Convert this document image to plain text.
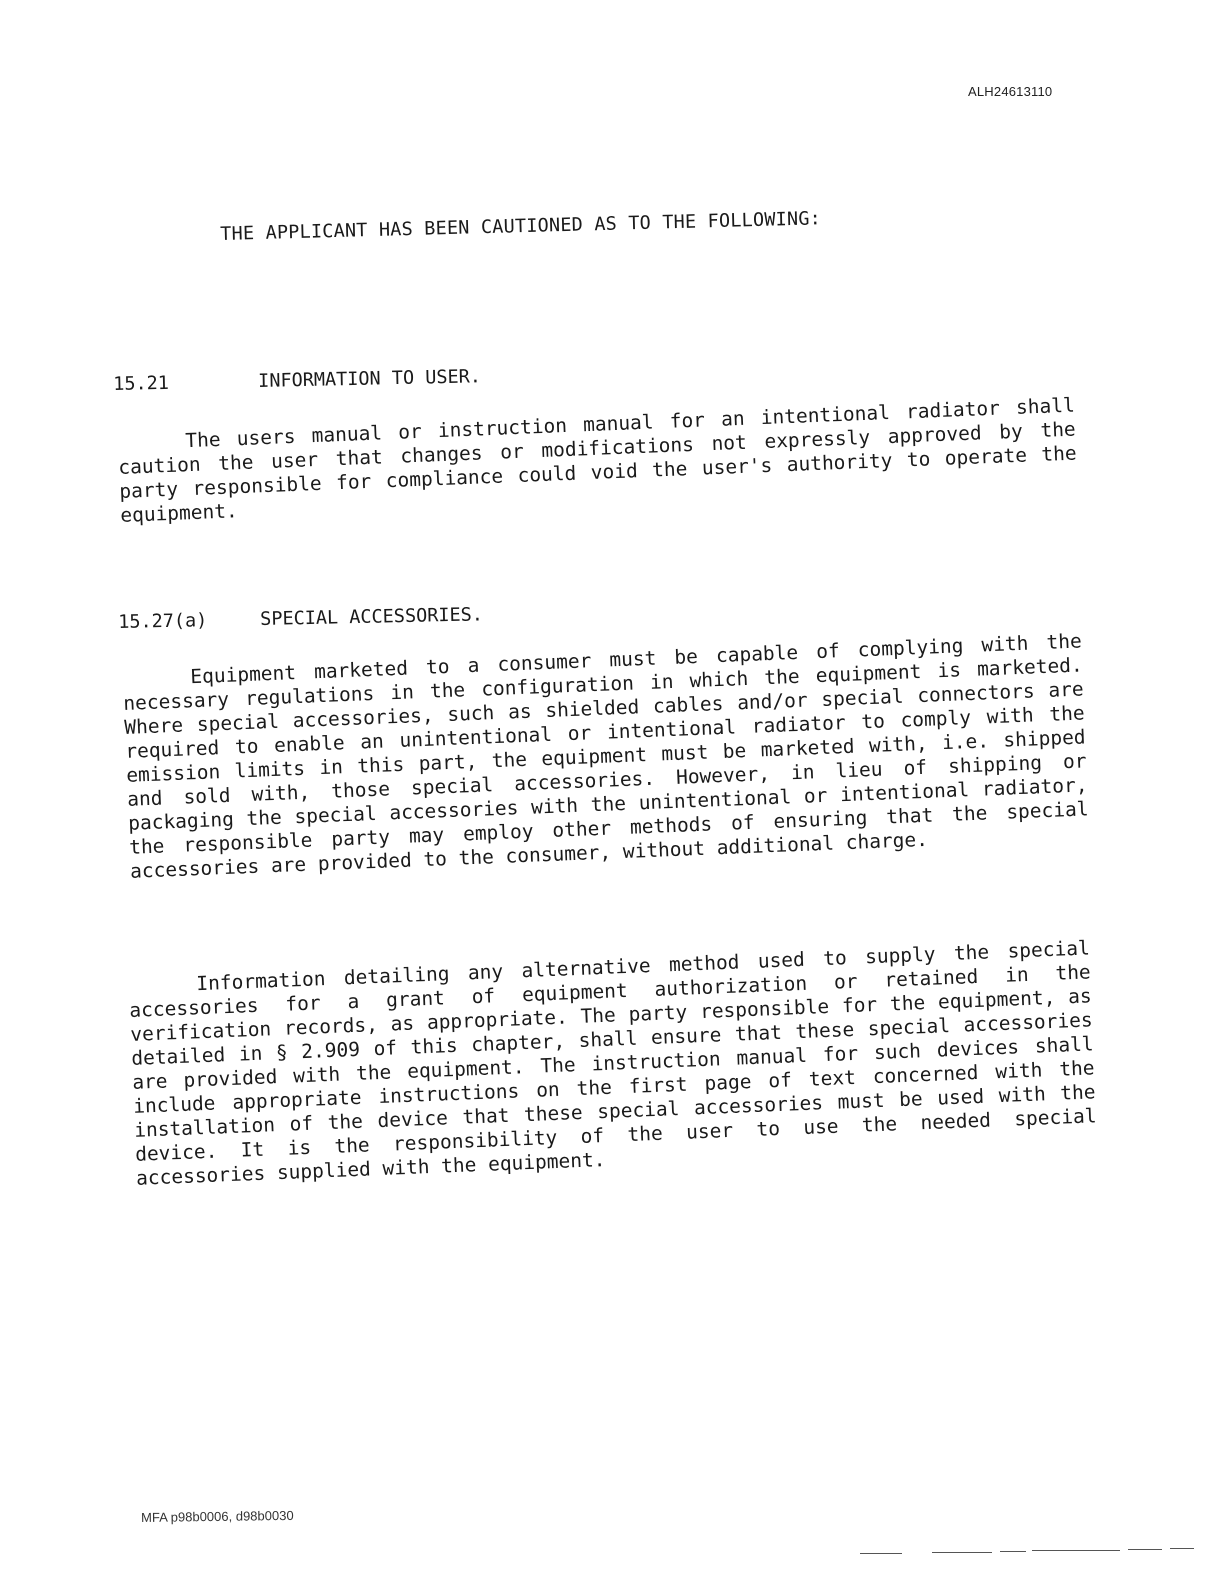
ALH24613110
THE APPLICANT HAS BEEN CAUTIONED AS TO THE FOLLOWING:
15.21	INFORMATION TO USER.

The users manual or instruction manual for an intentional radiator shall caution the user that changes or modifications not expressly approved by the party responsible for compliance could void the user's authority to operate the equipment.

15.27(a)	SPECIAL ACCESSORIES.

Equipment marketed to a consumer must be capable of complying with the necessary regulations in the configuration in which the equipment is marketed. Where special accessories, such as shielded cables and/or special connectors are required to enable an unintentional or intentional radiator to comply with the emission limits in this part, the equipment must be marketed with, i.e. shipped and sold with, those special accessories. However, in lieu of shipping or packaging the special accessories with the unintentional or intentional radiator, the responsible party may employ other methods of ensuring that the special accessories are provided to the consumer, without additional charge.

Information detailing any alternative method used to supply the special accessories for a grant of equipment authorization or retained in the verification records, as appropriate. The party responsible for the equipment, as detailed in § 2.909 of this chapter, shall ensure that these special accessories are provided with the equipment. The instruction manual for such devices shall include appropriate instructions on the first page of text concerned with the installation of the device that these special accessories must be used with the device. It is the responsibility of the user to use the needed special accessories supplied with the equipment.

MFA p98b0006, d98b0030
